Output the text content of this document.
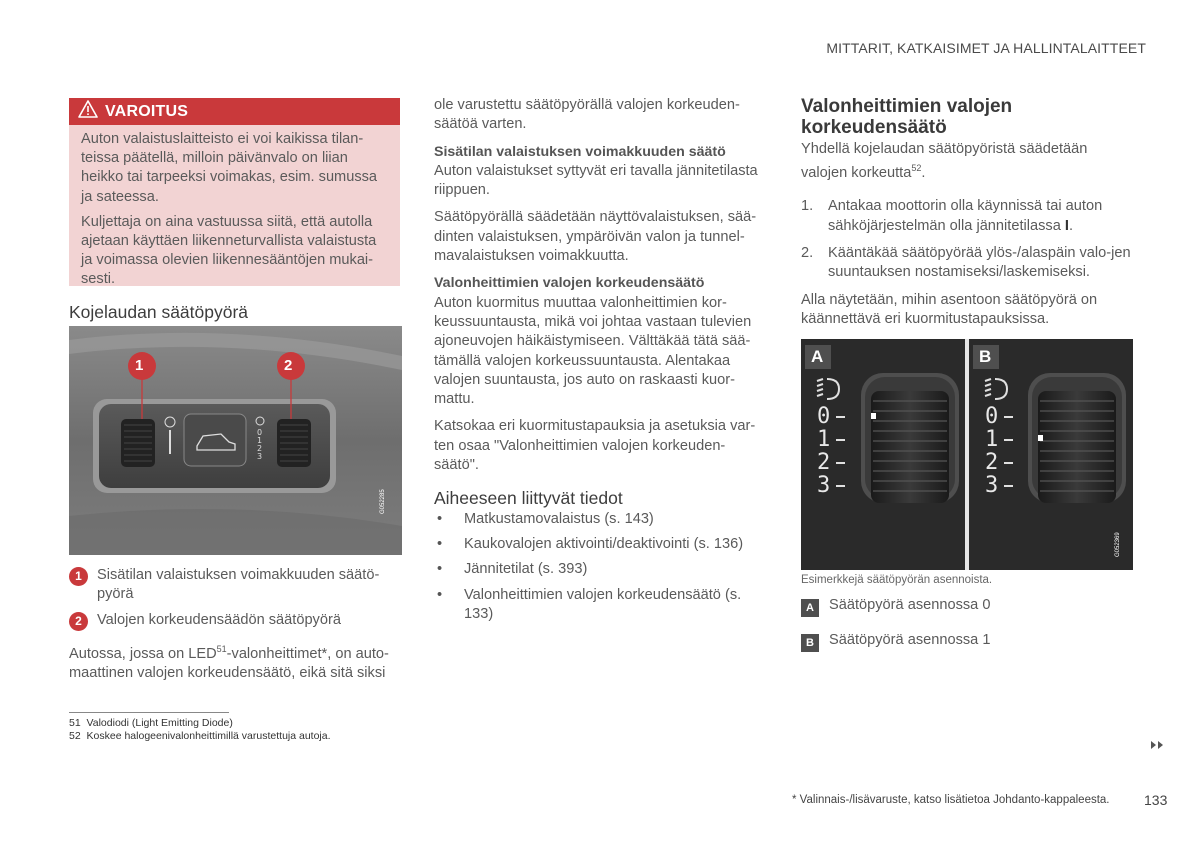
MITTARIT, KATKAISIMET JA HALLINTALAITTEET
VAROITUS

Auton valaistuslaitteisto ei voi kaikissa tilan-teissa päätellä, milloin päivänvalo on liian heikko tai tarpeeksi voimakas, esim. sumussa ja sateessa.

Kuljettaja on aina vastuussa siitä, että autolla ajetaan käyttäen liikenneturvallista valaistusta ja voimassa olevien liikennesääntöjen mukai-sesti.

Kojelaudan säätöpyörä
1	2
0
1
2
3
G052285
1	Sisätilan valaistuksen voimakkuuden säätö-pyörä
2	Valojen korkeudensäädön säätöpyörä
Autossa, jossa on LED$^{51}$-valonheittimet*, on auto-maattinen valojen korkeudensäätö, eikä sitä siksi

ole varustettu säätöpyörällä valojen korkeuden-säätöä varten.

Sisätilan valaistuksen voimakkuuden säätö

Auton valaistukset syttyvät eri tavalla jännitetilasta riippuen.

Säätöpyörällä säädetään näyttövalaistuksen, sää-dinten valaistuksen, ympäröivän valon ja tunnel-mavalaistuksen voimakkuutta.

Valonheittimien valojen korkeudensäätö

Auton kuormitus muuttaa valonheittimien kor-keussuuntausta, mikä voi johtaa vastaan tulevien ajoneuvojen häikäistymiseen. Välttäkää tätä sää-tämällä valojen korkeussuuntausta. Alentakaa valojen suuntausta, jos auto on raskaasti kuor-mattu.

Katsokaa eri kuormitustapauksia ja asetuksia var-ten osaa "Valonheittimien valojen korkeuden-säätö".

Aiheeseen liittyvät tiedot

• Matkustamovalaistus (s. 143)
• Kaukovalojen aktivointi/deaktivointi (s. 136)
• Jännitetilat (s. 393)
• Valonheittimien valojen korkeudensäätö (s. 133)
Valonheittimien valojen korkeudensäätö

Yhdellä kojelaudan säätöpyöristä säädetään valojen korkeutta$^{52}$.

1. Antakaa moottorin olla käynnissä tai auton sähköjärjestelmän olla jännitetilassa I.
2. Kääntäkää säätöpyörää ylös-/alaspäin valo-jen suuntauksen nostamiseksi/laskemiseksi.

Alla näytetään, mihin asentoon säätöpyörä on käännettävä eri kuormitustapauksissa.

A	B
0
1
2
3
0
1
2
3
G052369
Esimerkkejä säätöpyörän asennoista.
A	Säätöpyörä asennossa 0
B	Säätöpyörä asennossa 1
51 Valodiodi (Light Emitting Diode)
52 Koskee halogeenivalonheittimillä varustettuja autoja.
* Valinnais-/lisävaruste, katso lisätietoa Johdanto-kappaleesta. 133
